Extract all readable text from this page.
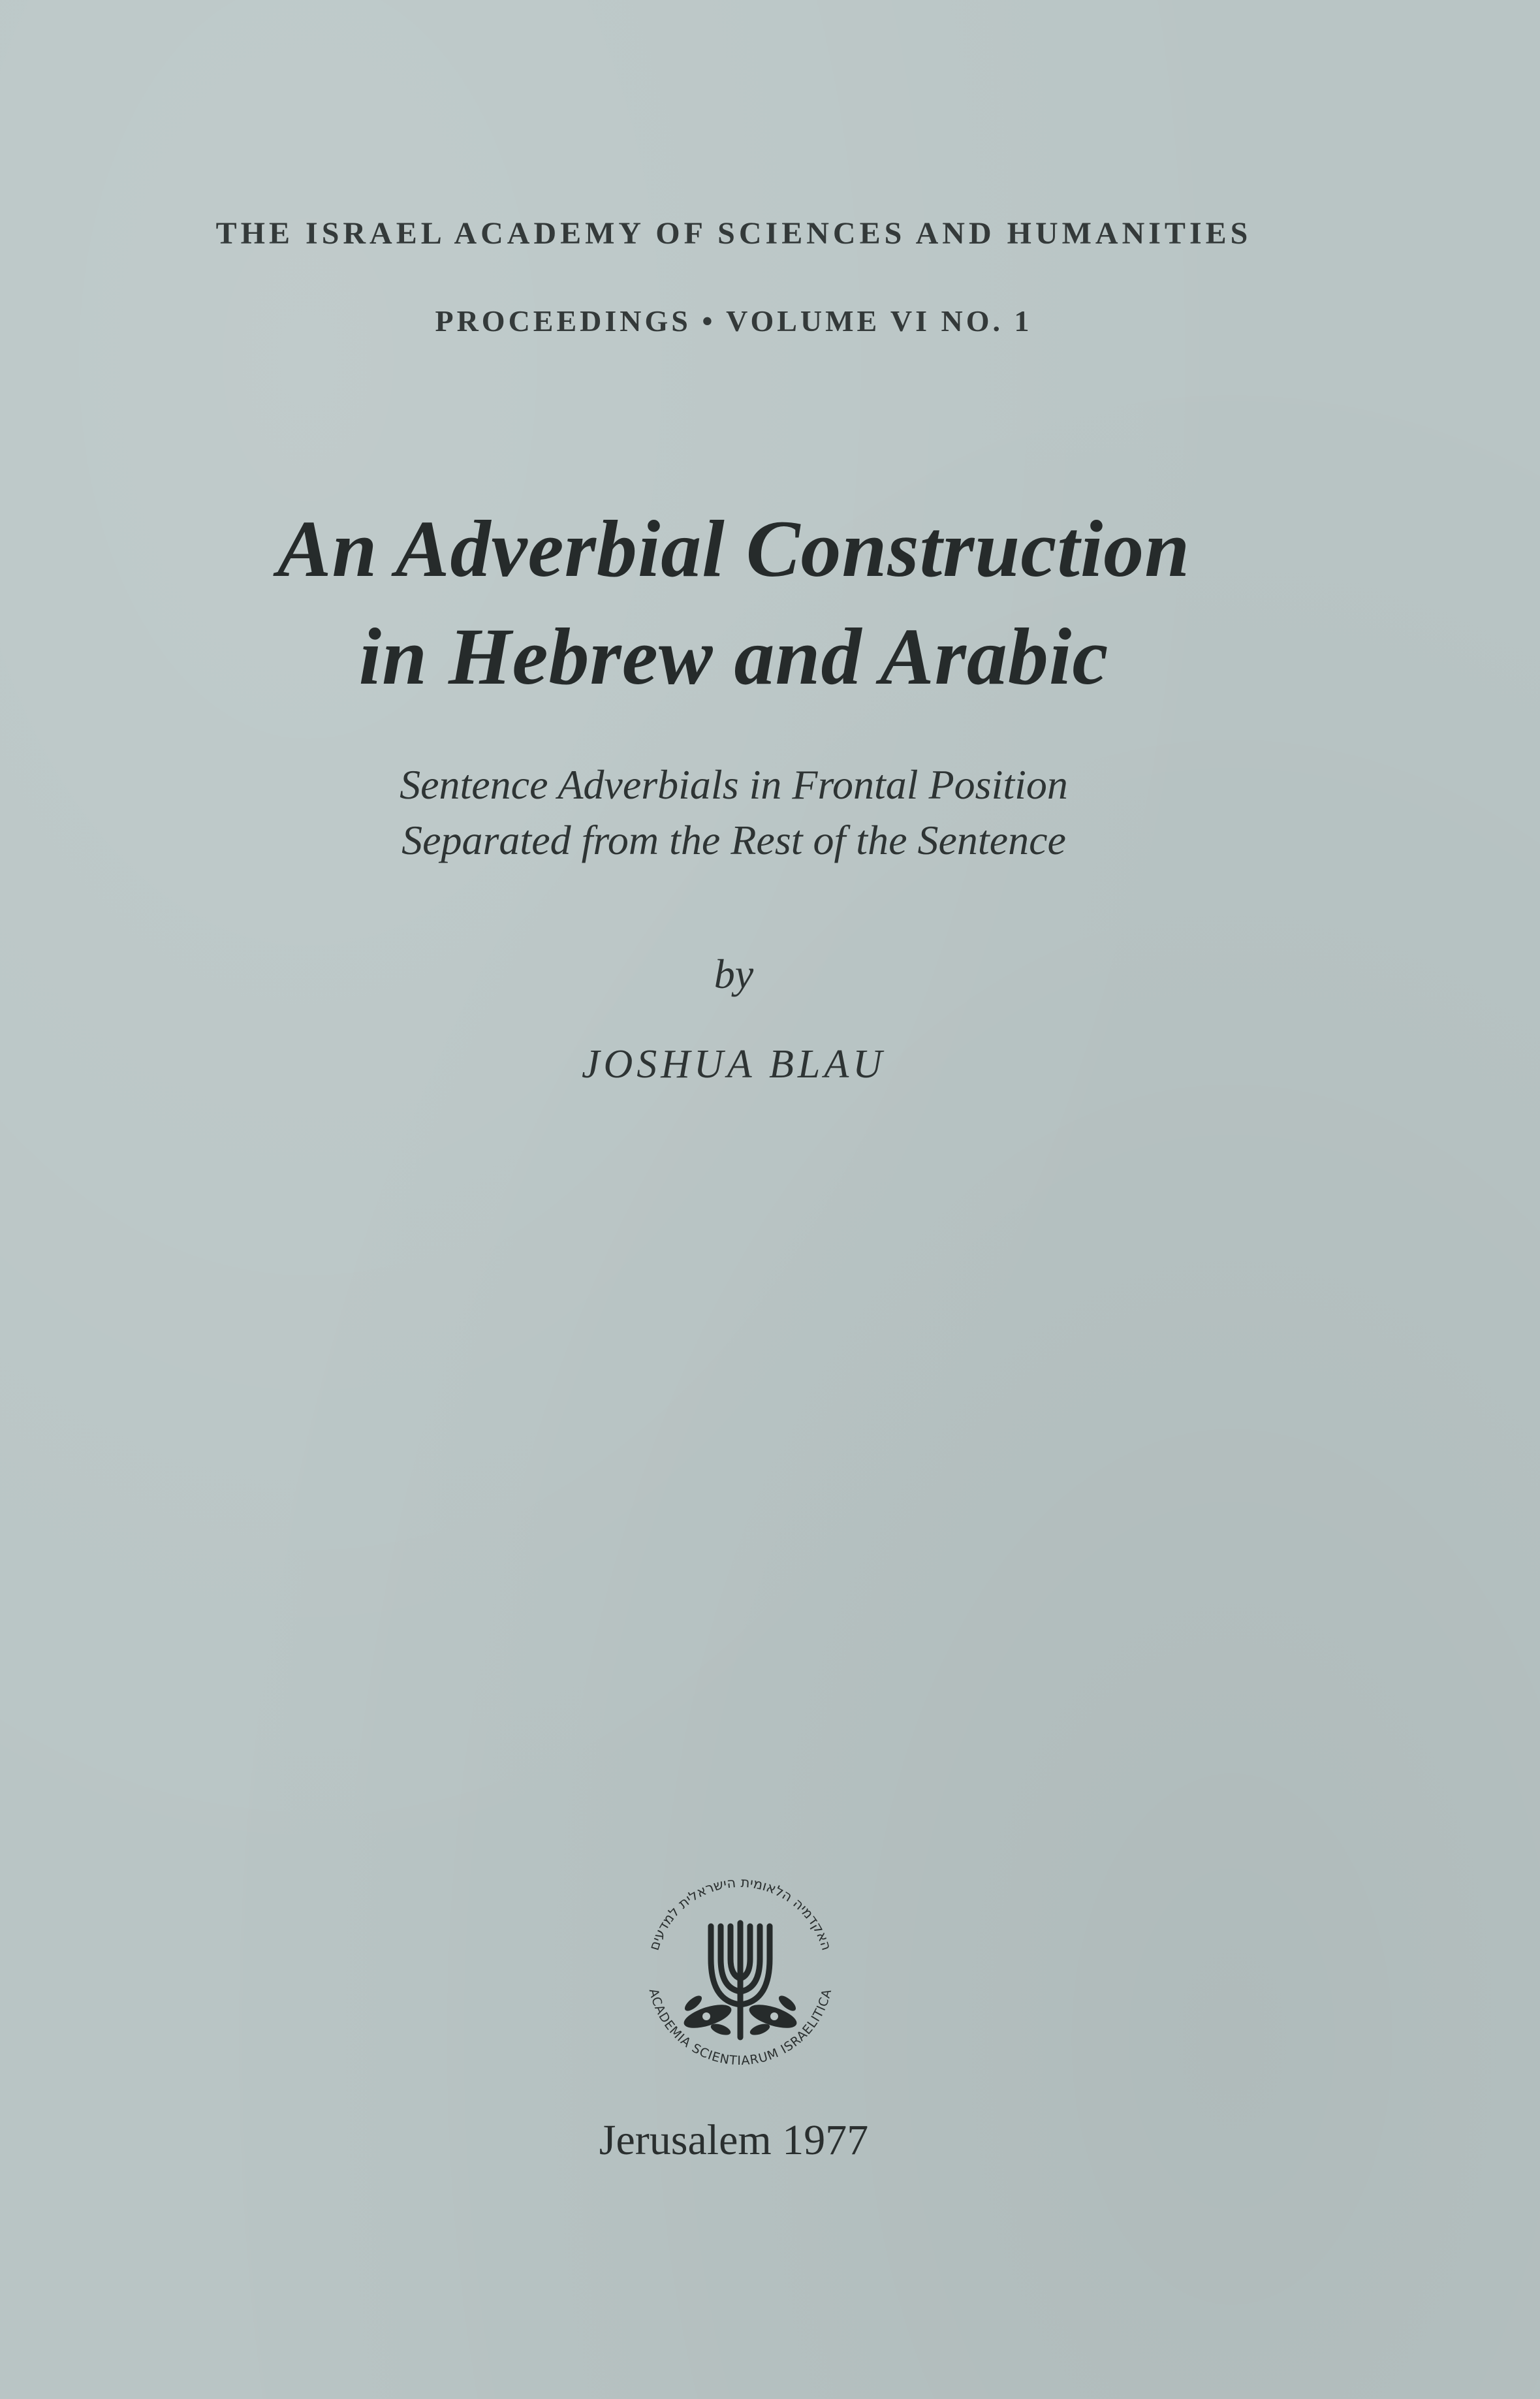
THE ISRAEL ACADEMY OF SCIENCES AND HUMANITIES
PROCEEDINGS • VOLUME VI NO. 1
An Adverbial Construction
in Hebrew and Arabic
Sentence Adverbials in Frontal Position
Separated from the Rest of the Sentence
by
JOSHUA BLAU
האקדמיה הלאומית הישראלית למדעים
ACADEMIA SCIENTIARUM ISRAELITICA
Jerusalem 1977
